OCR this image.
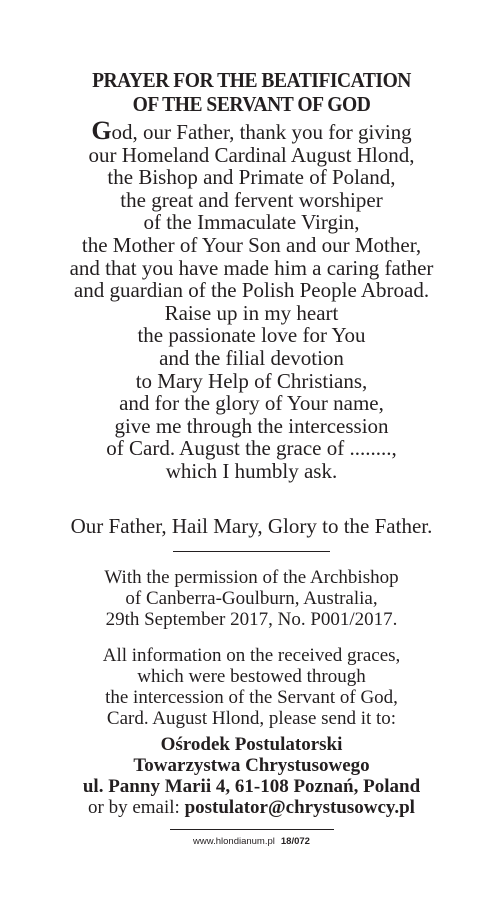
PRAYER FOR THE BEATIFICATION
OF THE SERVANT OF GOD
God, our Father, thank you for giving
our Homeland Cardinal August Hlond,
the Bishop and Primate of Poland,
the great and fervent worshiper
of the Immaculate Virgin,
the Mother of Your Son and our Mother,
and that you have made him a caring father
and guardian of the Polish People Abroad.
Raise up in my heart
the passionate love for You
and the filial devotion
to Mary Help of Christians,
and for the glory of Your name,
give me through the intercession
of Card. August the grace of ........,
which I humbly ask.
Our Father, Hail Mary, Glory to the Father.
With the permission of the Archbishop
of Canberra-Goulburn, Australia,
29th September 2017, No. P001/2017.
All information on the received graces,
which were bestowed through
the intercession of the Servant of God,
Card. August Hlond, please send it to:
Ośrodek Postulatorski
Towarzystwa Chrystusowego
ul. Panny Marii 4, 61-108 Poznań, Poland
or by email: postulator@chrystusowcy.pl
www.hlondianum.pl 18/072
